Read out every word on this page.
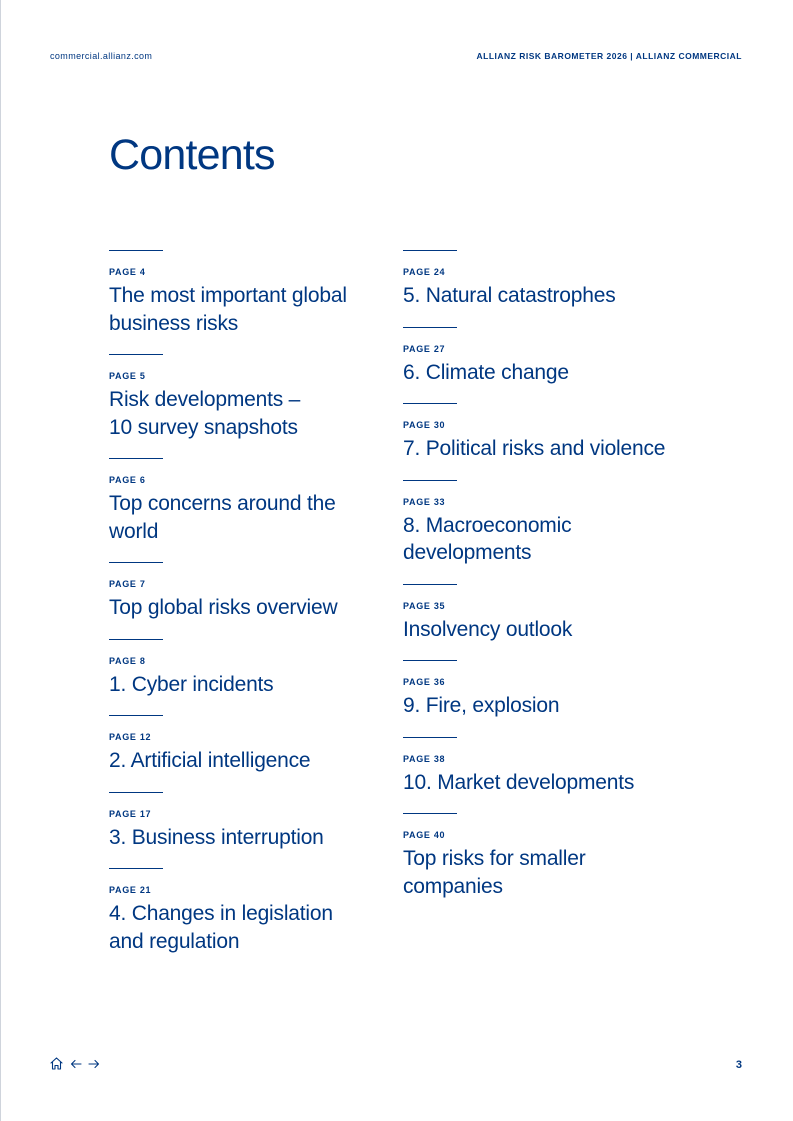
commercial.allianz.com	ALLIANZ RISK BAROMETER 2026 | ALLIANZ COMMERCIAL
Contents
PAGE 4
The most important global business risks
PAGE 5
Risk developments – 10 survey snapshots
PAGE 6
Top concerns around the world
PAGE 7
Top global risks overview
PAGE 8
1. Cyber incidents
PAGE 12
2. Artificial intelligence
PAGE 17
3. Business interruption
PAGE 21
4. Changes in legislation and regulation
PAGE 24
5. Natural catastrophes
PAGE 27
6. Climate change
PAGE 30
7. Political risks and violence
PAGE 33
8. Macroeconomic developments
PAGE 35
Insolvency outlook
PAGE 36
9. Fire, explosion
PAGE 38
10. Market developments
PAGE 40
Top risks for smaller companies
3
